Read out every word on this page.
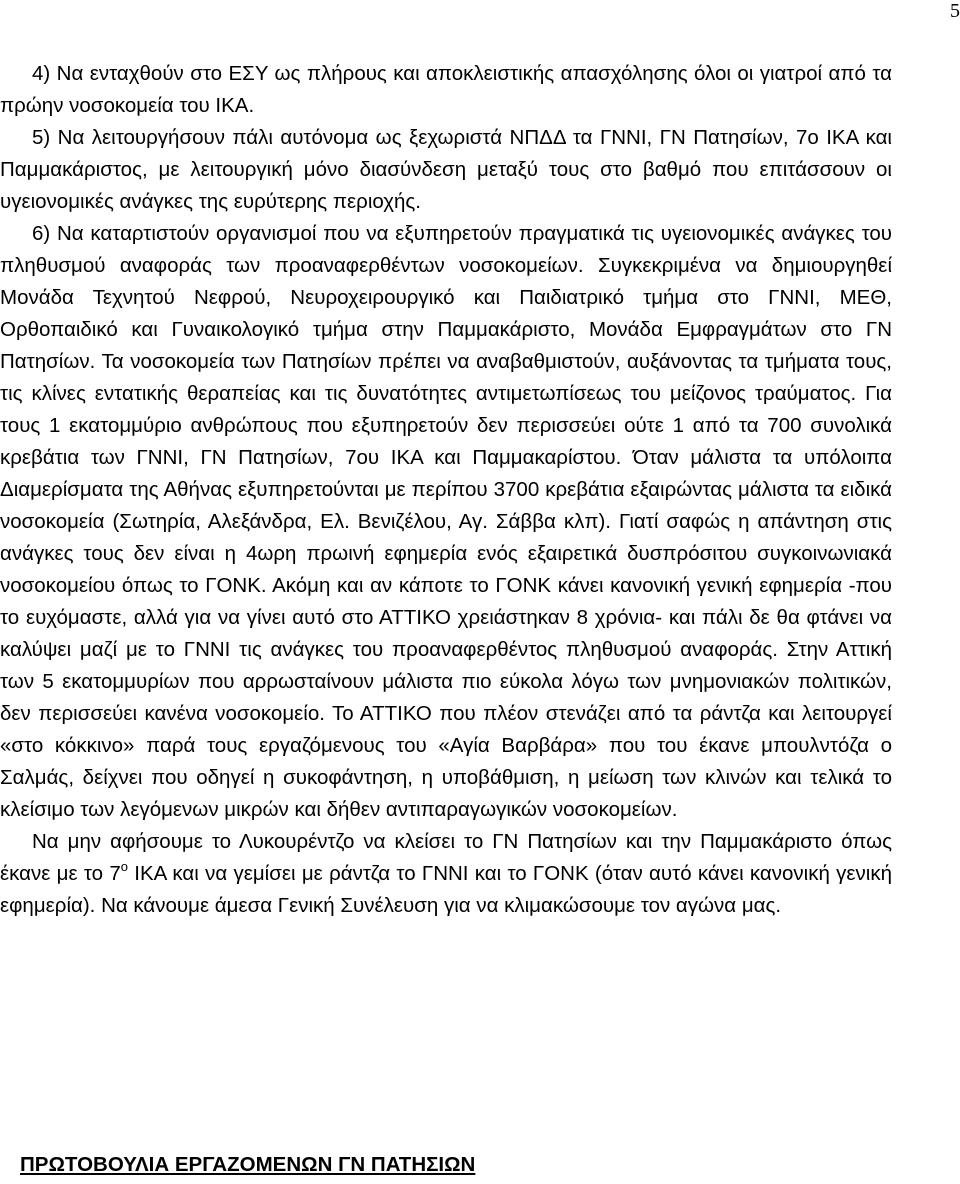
5

4) Να ενταχθούν στο ΕΣΥ ως πλήρους και αποκλειστικής απασχόλησης όλοι οι γιατροί από τα πρώην νοσοκομεία του ΙΚΑ.

5) Να λειτουργήσουν πάλι αυτόνομα ως ξεχωριστά ΝΠΔΔ τα ΓΝΝΙ, ΓΝ Πατησίων, 7ο ΙΚΑ και Παμμακάριστος, με λειτουργική μόνο διασύνδεση μεταξύ τους στο βαθμό που επιτάσσουν οι υγειονομικές ανάγκες της ευρύτερης περιοχής.

6) Να καταρτιστούν οργανισμοί που να εξυπηρετούν πραγματικά τις υγειονομικές ανάγκες του πληθυσμού αναφοράς των προαναφερθέντων νοσοκομείων. Συγκεκριμένα να δημιουργηθεί Μονάδα Τεχνητού Νεφρού, Νευροχειρουργικό και Παιδιατρικό τμήμα στο ΓΝΝΙ, ΜΕΘ, Ορθοπαιδικό και Γυναικολογικό τμήμα στην Παμμακάριστο, Μονάδα Εμφραγμάτων στο ΓΝ Πατησίων. Τα νοσοκομεία των Πατησίων πρέπει να αναβαθμιστούν, αυξάνοντας τα τμήματα τους, τις κλίνες εντατικής θεραπείας και τις δυνατότητες αντιμετωπίσεως του μείζονος τραύματος. Για τους 1 εκατομμύριο ανθρώπους που εξυπηρετούν δεν περισσεύει ούτε 1 από τα 700 συνολικά κρεβάτια των ΓΝΝΙ, ΓΝ Πατησίων, 7ου ΙΚΑ και Παμμακαρίστου. Όταν μάλιστα τα υπόλοιπα Διαμερίσματα της Αθήνας εξυπηρετούνται με περίπου 3700 κρεβάτια εξαιρώντας μάλιστα τα ειδικά νοσοκομεία (Σωτηρία, Αλεξάνδρα, Ελ. Βενιζέλου, Αγ. Σάββα κλπ). Γιατί σαφώς η απάντηση στις ανάγκες τους δεν είναι η 4ωρη πρωινή εφημερία ενός εξαιρετικά δυσπρόσιτου συγκοινωνιακά νοσοκομείου όπως το ΓΟΝΚ. Ακόμη και αν κάποτε το ΓΟΝΚ κάνει κανονική γενική εφημερία -που το ευχόμαστε, αλλά για να γίνει αυτό στο ΑΤΤΙΚΟ χρειάστηκαν 8 χρόνια- και πάλι δε θα φτάνει να καλύψει μαζί με το ΓΝΝΙ τις ανάγκες του προαναφερθέντος πληθυσμού αναφοράς. Στην Αττική των 5 εκατομμυρίων που αρρωσταίνουν μάλιστα πιο εύκολα λόγω των μνημονιακών πολιτικών, δεν περισσεύει κανένα νοσοκομείο. Το ΑΤΤΙΚΟ που πλέον στενάζει από τα ράντζα και λειτουργεί «στο κόκκινο» παρά τους εργαζόμενους του «Αγία Βαρβάρα» που του έκανε μπουλντόζα ο Σαλμάς, δείχνει που οδηγεί η συκοφάντηση, η υποβάθμιση, η μείωση των κλινών και τελικά το κλείσιμο των λεγόμενων μικρών και δήθεν αντιπαραγωγικών νοσοκομείων.

Να μην αφήσουμε το Λυκουρέντζο να κλείσει το ΓΝ Πατησίων και την Παμμακάριστο όπως έκανε με το $7^o$ ΙΚΑ και να γεμίσει με ράντζα το ΓΝΝΙ και το ΓΟΝΚ (όταν αυτό κάνει κανονική γενική εφημερία). Να κάνουμε άμεσα Γενική Συνέλευση για να κλιμακώσουμε τον αγώνα μας.

ΠΡΩΤΟΒΟΥΛΙΑ ΕΡΓΑΖΟΜΕΝΩΝ ΓΝ ΠΑΤΗΣΙΩΝ
